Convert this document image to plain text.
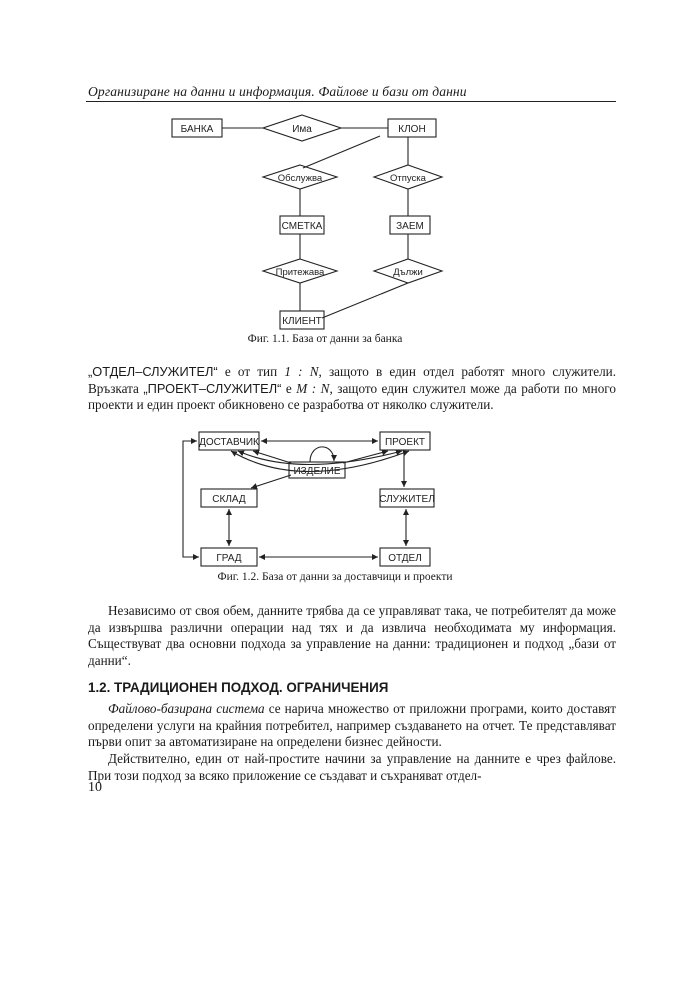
Организиране на данни и информация. Файлове и бази от данни
БАНКА	КЛОН
СМЕТКА	ЗАЕМ
КЛИЕНТ
Има
Обслужва	Отпуска
Притежава	Дължи
Фиг. 1.1. База от данни за банка

„ОТДЕЛ–СЛУЖИТЕЛ“ е от тип 1 : N, защото в един отдел работят много служители. Връзката „ПРОЕКТ–СЛУЖИТЕЛ“ е M : N, защото един служител може да работи по много проекти и един проект обикновено се разработва от няколко служители.

ДОСТАВЧИК	ПРОЕКТ
ИЗДЕЛИЕ
СКЛАД	СЛУЖИТЕЛ
ГРАД	ОТДЕЛ
Фиг. 1.2. База от данни за доставчици и проекти

Независимо от своя обем, данните трябва да се управляват така, че потребителят да може да извършва различни операции над тях и да извлича необходимата му информация. Съществуват два основни подхода за управление на данни: традиционен и подход „бази от данни“.

1.2. ТРАДИЦИОНЕН ПОДХОД. ОГРАНИЧЕНИЯ

Файлово-базирана система се нарича множество от приложни програми, които доставят определени услуги на крайния потребител, например създаването на отчет. Те представляват първи опит за автоматизиране на определени бизнес дейности.

Действително, един от най-простите начини за управление на данните е чрез файлове. При този подход за всяко приложение се създават и съхраняват отдел-

10
